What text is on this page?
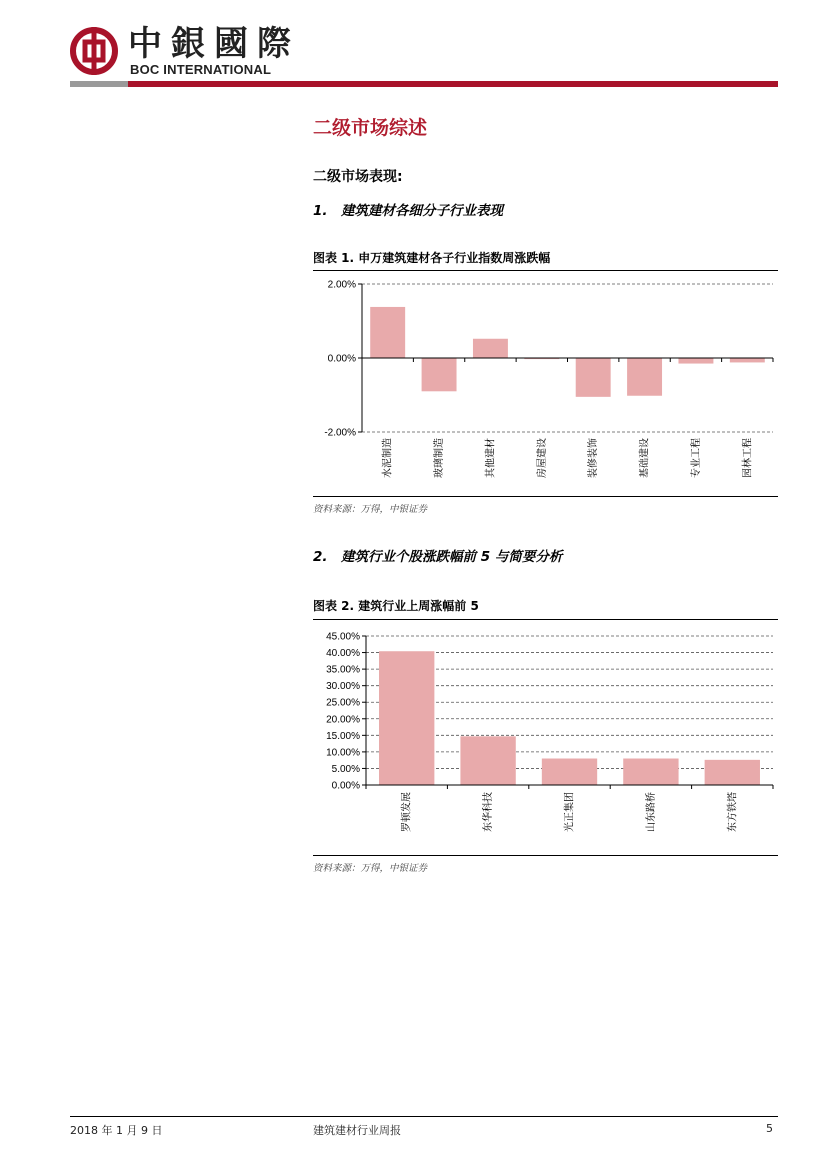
中銀國際
BOC INTERNATIONAL
二级市场综述
二级市场表现:
1.　建筑建材各细分子行业表现
图表 1. 申万建筑建材各子行业指数周涨跌幅
2.00%
0.00%
-2.00%
水泥制造	玻璃制造	其他建材	房屋建设	装修装饰	基础建设	专业工程	园林工程
资料来源：万得，中银证券
2.　建筑行业个股涨跌幅前 5 与简要分析
图表 2. 建筑行业上周涨幅前 5
45.00%
40.00%
35.00%
30.00%
25.00%
20.00%
15.00%
10.00%
5.00%
0.00%
罗顿发展	东华科技	光正集团	山东路桥	东方铁塔
资料来源：万得，中银证券
2018 年 1 月 9 日	建筑建材行业周报	5
